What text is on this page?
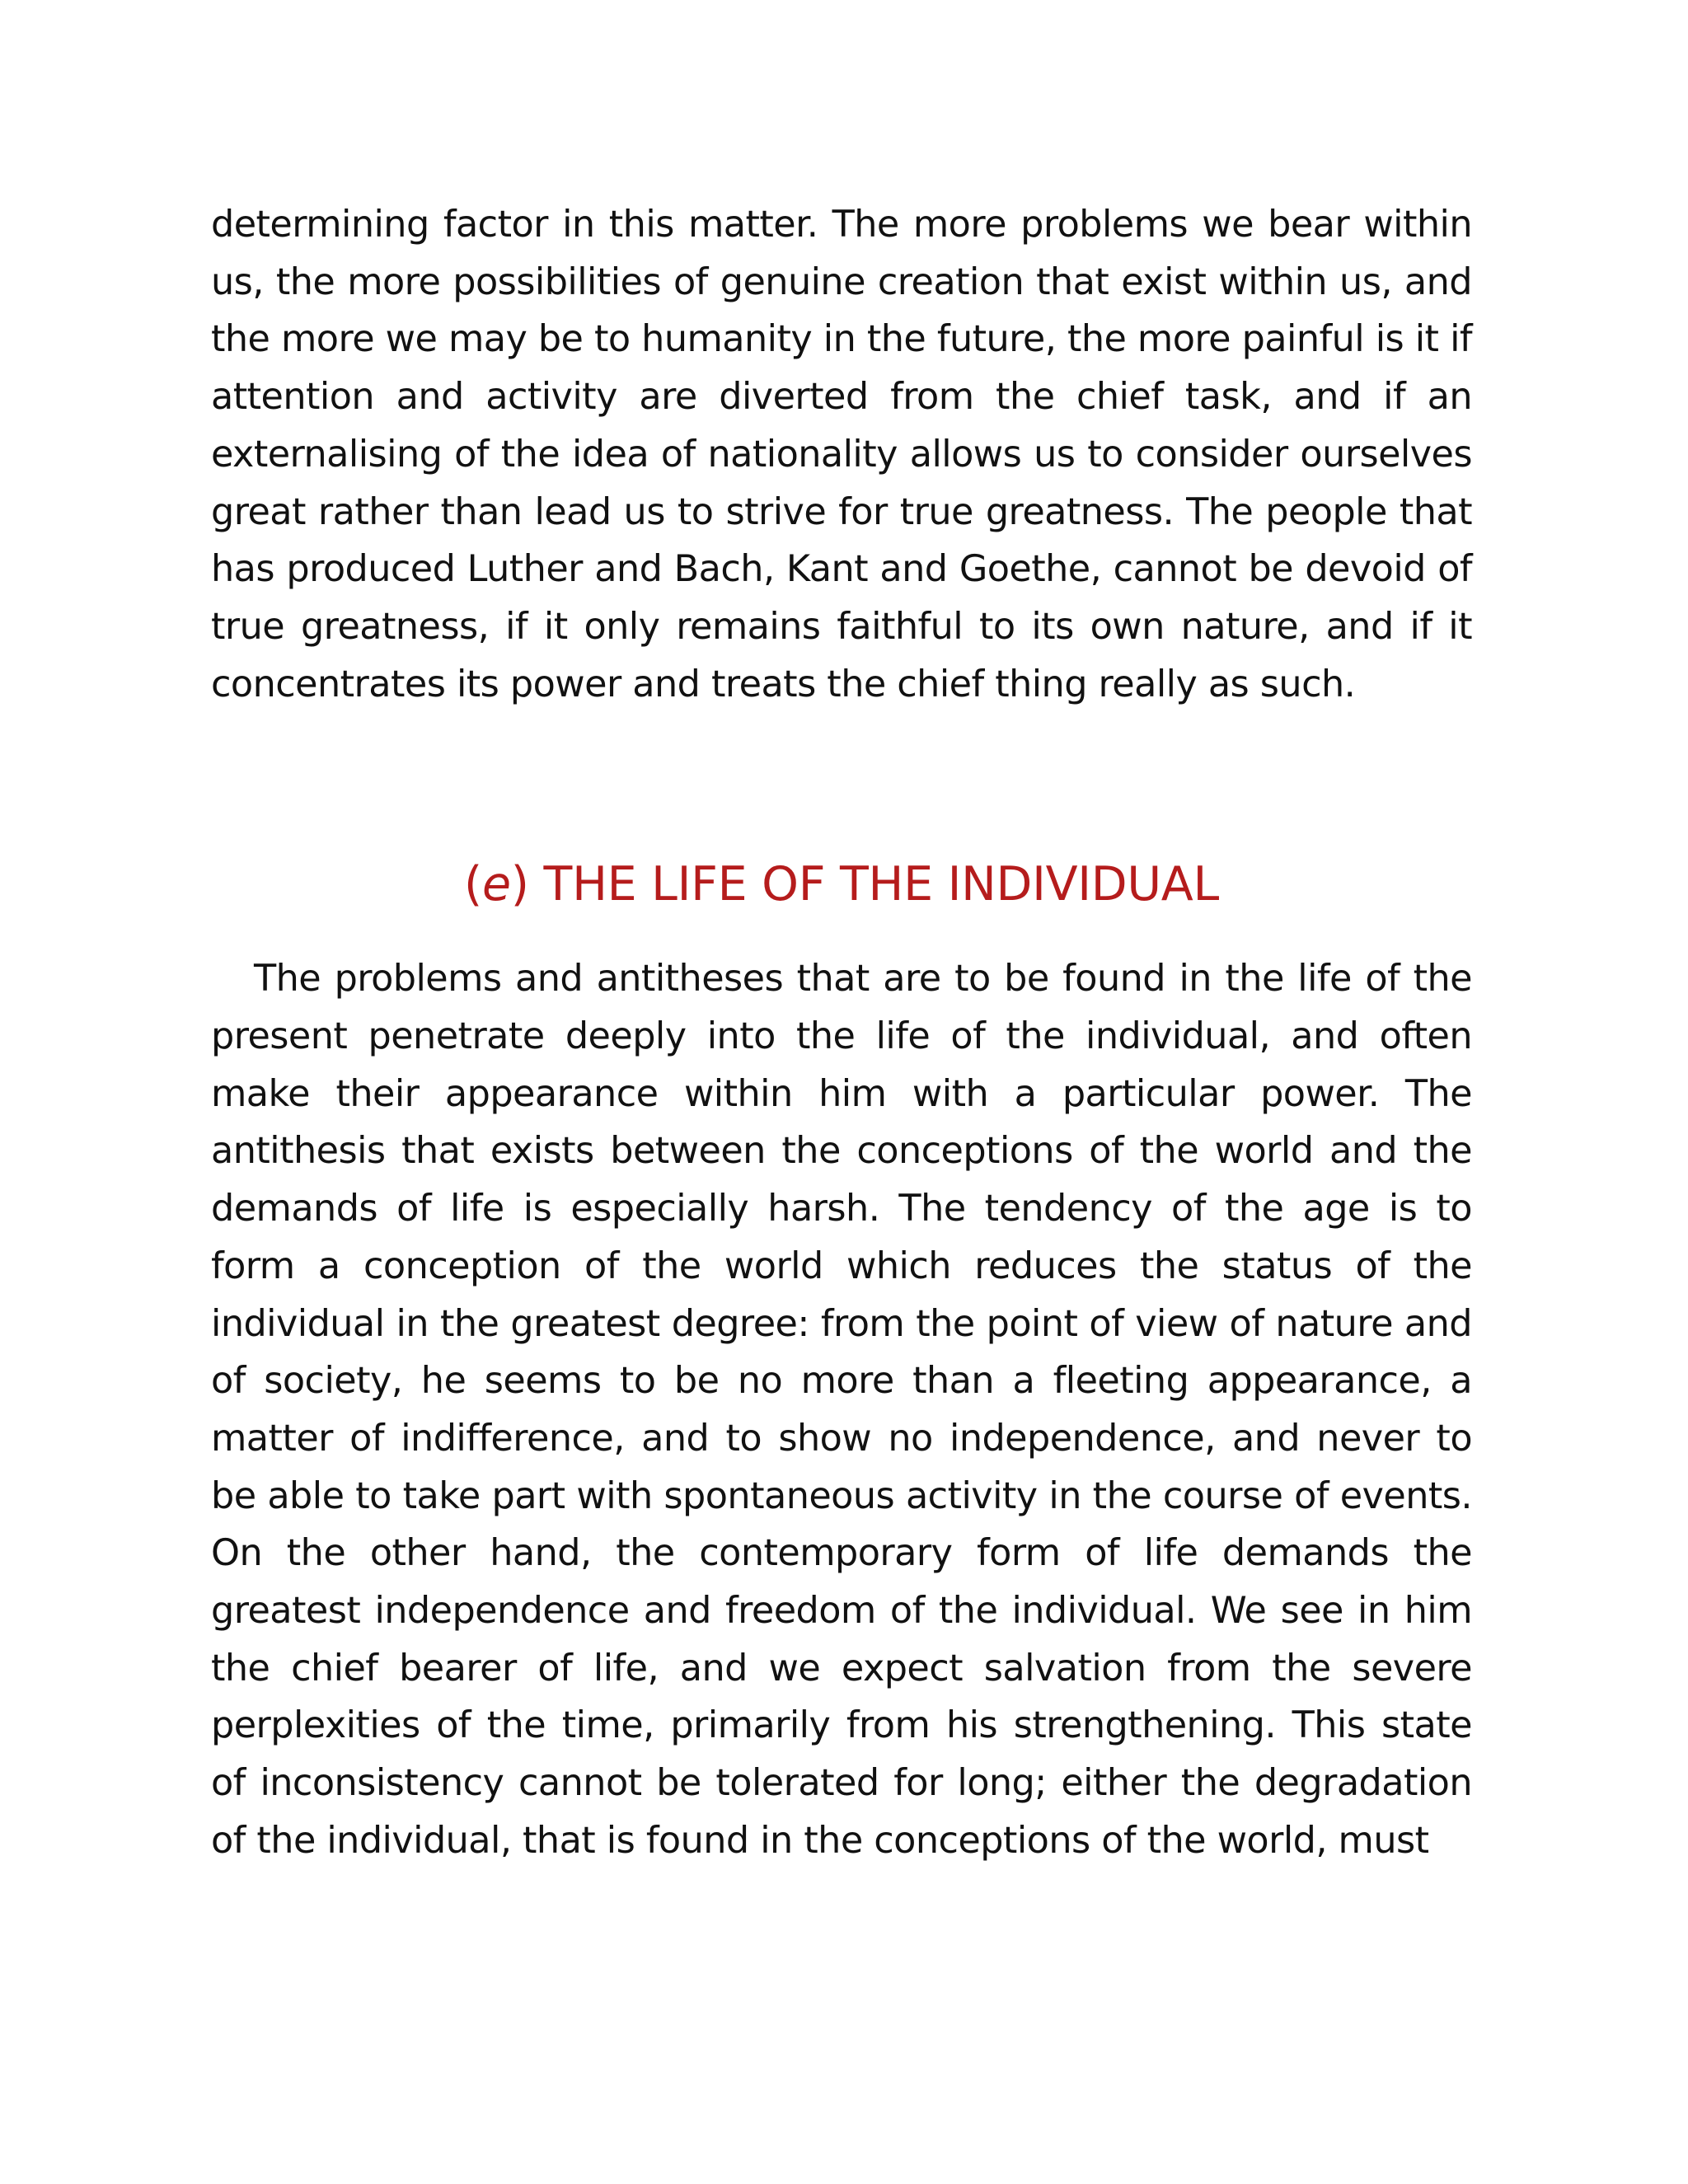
determining factor in this matter. The more problems we bear within us, the more possibilities of genuine creation that exist within us, and the more we may be to humanity in the future, the more painful is it if attention and activity are diverted from the chief task, and if an externalising of the idea of nationality allows us to consider ourselves great rather than lead us to strive for true greatness. The people that has produced Luther and Bach, Kant and Goethe, cannot be devoid of true greatness, if it only remains faithful to its own nature, and if it concentrates its power and treats the chief thing really as such.

(e) THE LIFE OF THE INDIVIDUAL

The problems and antitheses that are to be found in the life of the present penetrate deeply into the life of the individual, and often make their appearance within him with a particular power. The antithesis that exists between the conceptions of the world and the demands of life is especially harsh. The tendency of the age is to form a conception of the world which reduces the status of the individual in the greatest degree: from the point of view of nature and of society, he seems to be no more than a fleeting appearance, a matter of indifference, and to show no independence, and never to be able to take part with spontaneous activity in the course of events. On the other hand, the contemporary form of life demands the greatest independence and freedom of the individual. We see in him the chief bearer of life, and we expect salvation from the severe perplexities of the time, primarily from his strengthening. This state of inconsistency cannot be tolerated for long; either the degradation of the individual, that is found in the conceptions of the world, must
